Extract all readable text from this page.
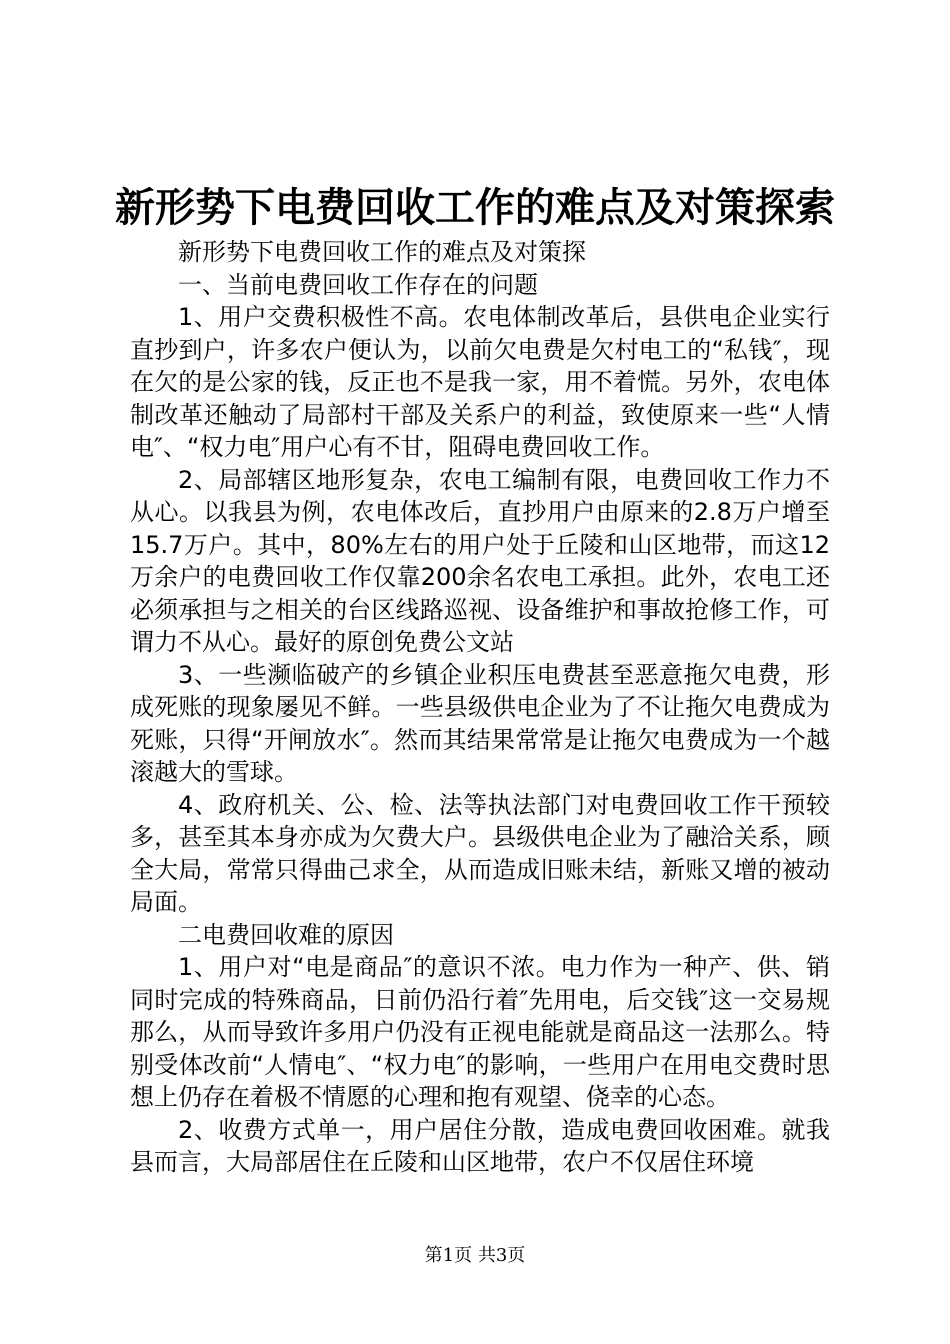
新形势下电费回收工作的难点及对策探索

新形势下电费回收工作的难点及对策探

一、当前电费回收工作存在的问题

1、用户交费积极性不高。农电体制改革后，县供电企业实行直抄到户，许多农户便认为，以前欠电费是欠村电工的“私钱″，现在欠的是公家的钱，反正也不是我一家，用不着慌。另外，农电体制改革还触动了局部村干部及关系户的利益，致使原来一些“人情电″、“权力电″用户心有不甘，阻碍电费回收工作。

2、局部辖区地形复杂，农电工编制有限，电费回收工作力不从心。以我县为例，农电体改后，直抄用户由原来的2.8万户增至15.7万户。其中，80%左右的用户处于丘陵和山区地带，而这12万余户的电费回收工作仅靠200余名农电工承担。此外，农电工还必须承担与之相关的台区线路巡视、设备维护和事故抢修工作，可谓力不从心。最好的原创免费公文站

3、一些濒临破产的乡镇企业积压电费甚至恶意拖欠电费，形成死账的现象屡见不鲜。一些县级供电企业为了不让拖欠电费成为死账，只得“开闸放水″。然而其结果常常是让拖欠电费成为一个越滚越大的雪球。

4、政府机关、公、检、法等执法部门对电费回收工作干预较多，甚至其本身亦成为欠费大户。县级供电企业为了融洽关系，顾全大局，常常只得曲己求全，从而造成旧账未结，新账又增的被动局面。

二电费回收难的原因

1、用户对“电是商品″的意识不浓。电力作为一种产、供、销同时完成的特殊商品，日前仍沿行着″先用电，后交钱″这一交易规那么，从而导致许多用户仍没有正视电能就是商品这一法那么。特别受体改前“人情电″、“权力电″的影响，一些用户在用电交费时思想上仍存在着极不情愿的心理和抱有观望、侥幸的心态。

2、收费方式单一，用户居住分散，造成电费回收困难。就我县而言，大局部居住在丘陵和山区地带，农户不仅居住环境

第1页 共3页
